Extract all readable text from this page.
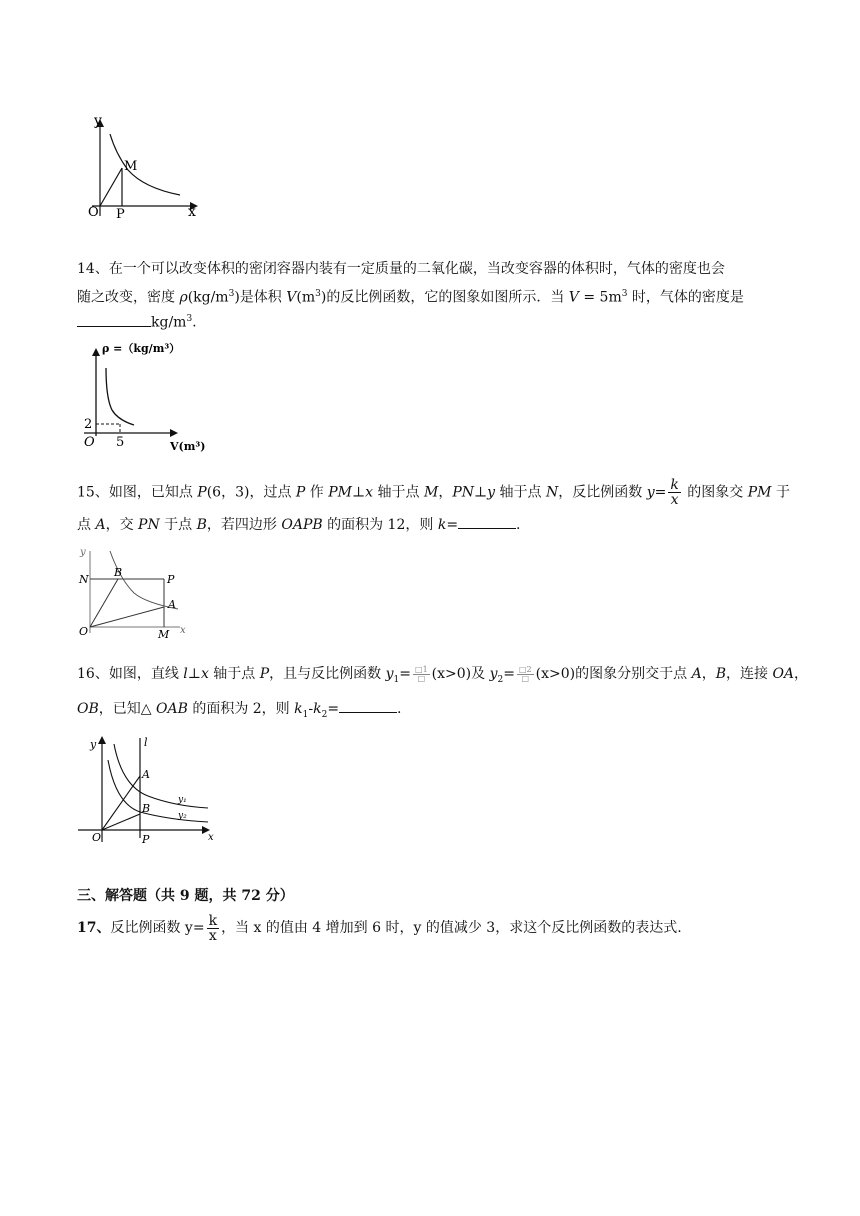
y
M
O P	x
14、在一个可以改变体积的密闭容器内装有一定质量的二氧化碳，当改变容器的体积时，气体的密度也会
随之改变，密度 $\rho(kg/m^3)$是体积 $V(m^3)$的反比例函数，它的图象如图所示．当 $V = 5m^3$ 时，气体的密度是
$kg/m^3$.
ρ =（kg/m³）
2
O 5	V(m³)
15、如图，已知点 P(6，3)，过点 P 作 PM⊥x 轴于点 M，PN⊥y 轴于点 N，反比例函数 $y= \frac{k}{x}$ 的图象交 PM 于
点 A，交 PN 于点 B，若四边形 OAPB 的面积为 12，则 k=	.
y
N
B
P
A
O	M x
16、如图，直线 l⊥x 轴于点 P，且与反比例函数 $y_1= \frac{□1}{□} (x>0)$及 $y_2= \frac{□2}{□} (x>0)$的图象分别交于点 A，B，连接 OA，
OB，已知△ OAB 的面积为 2，则 $k_1-k_2=$	.
y	l
A
B
y₁
y₂
O	P	x
三、解答题（共 9 题，共 72 分）
17、反比例函数 $y= \frac{k}{x}$ ，当 x 的值由 4 增加到 6 时，y 的值减少 3，求这个反比例函数的表达式.
